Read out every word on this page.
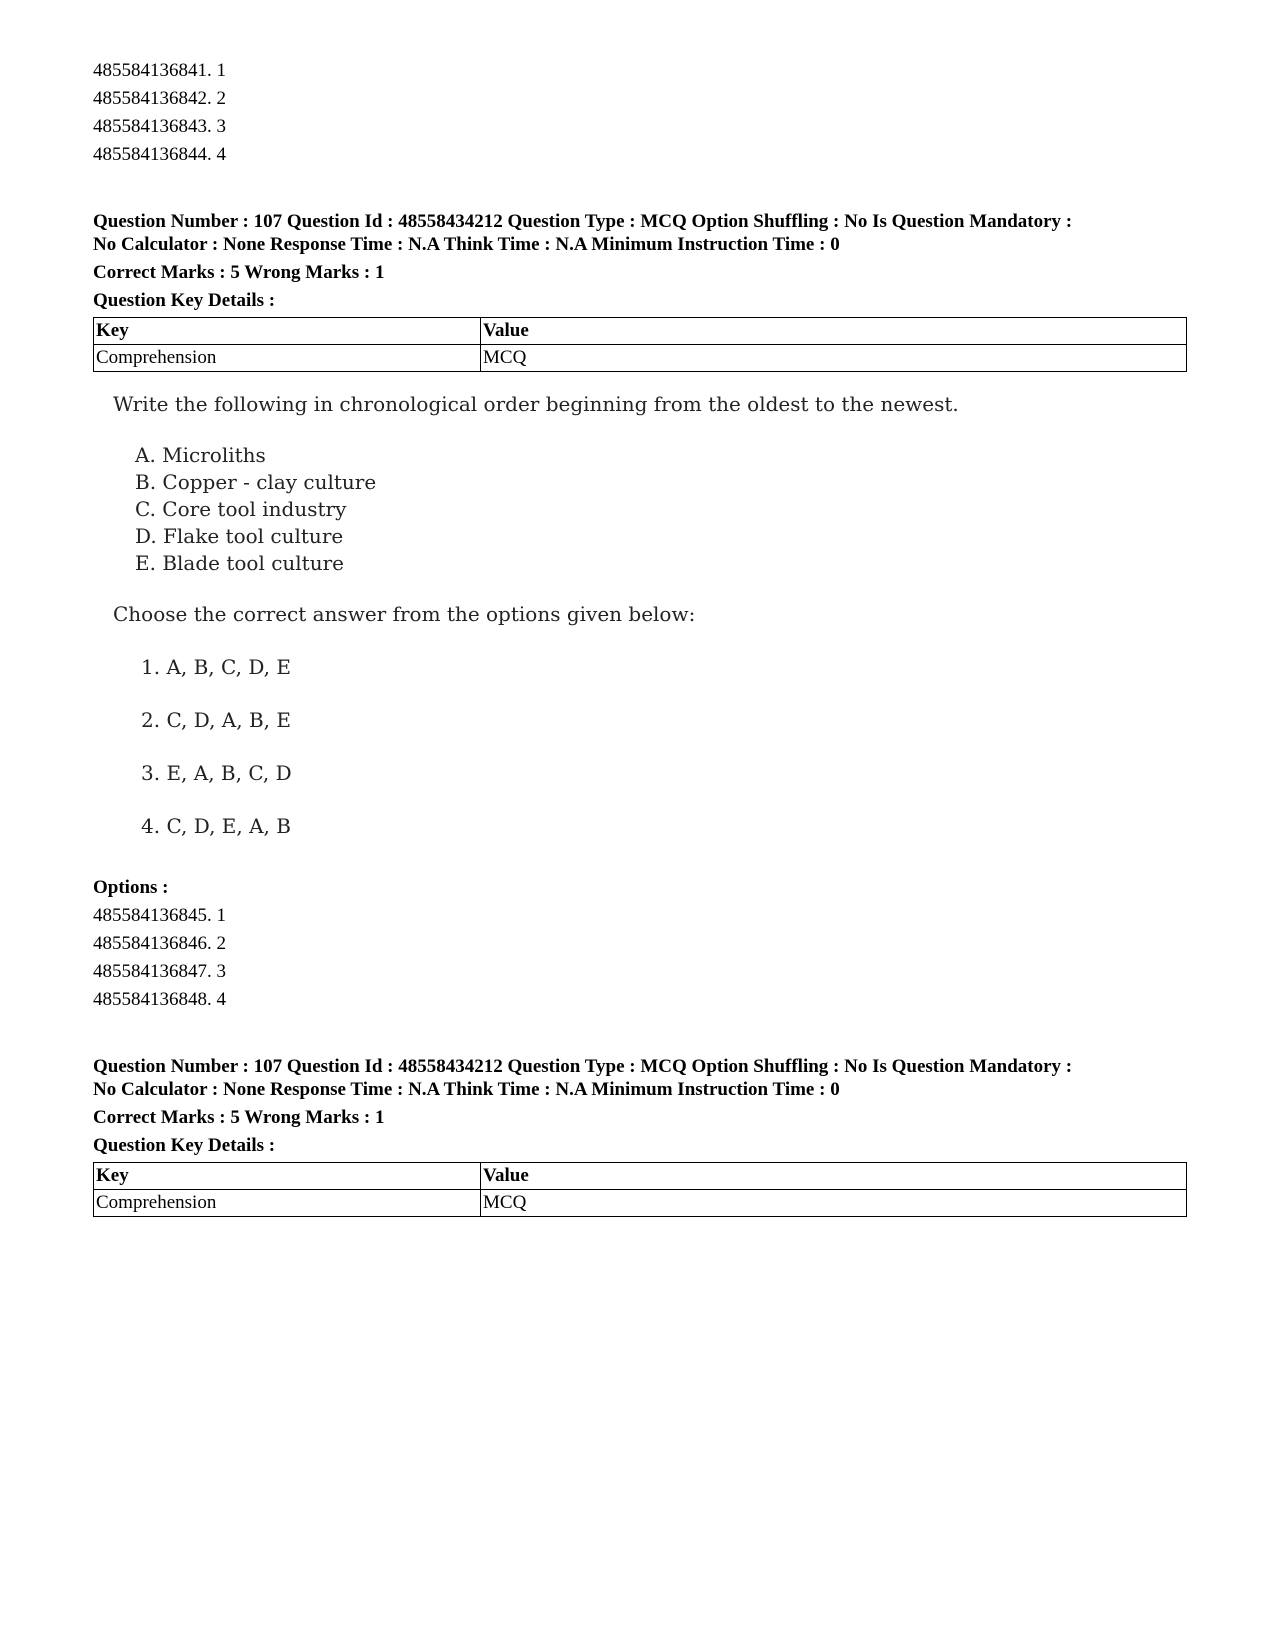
485584136841. 1
485584136842. 2
485584136843. 3
485584136844. 4
Question Number : 107 Question Id : 48558434212 Question Type : MCQ Option Shuffling : No Is Question Mandatory :
No Calculator : None Response Time : N.A Think Time : N.A Minimum Instruction Time : 0
Correct Marks : 5 Wrong Marks : 1
Question Key Details :
Key	Value
Comprehension	MCQ
Write the following in chronological order beginning from the oldest to the newest.
A. Microliths
B. Copper - clay culture
C. Core tool industry
D. Flake tool culture
E. Blade tool culture
Choose the correct answer from the options given below:
1. A, B, C, D, E
2. C, D, A, B, E
3. E, A, B, C, D
4. C, D, E, A, B
Options :
485584136845. 1
485584136846. 2
485584136847. 3
485584136848. 4
Question Number : 107 Question Id : 48558434212 Question Type : MCQ Option Shuffling : No Is Question Mandatory :
No Calculator : None Response Time : N.A Think Time : N.A Minimum Instruction Time : 0
Correct Marks : 5 Wrong Marks : 1
Question Key Details :
Key	Value
Comprehension	MCQ
